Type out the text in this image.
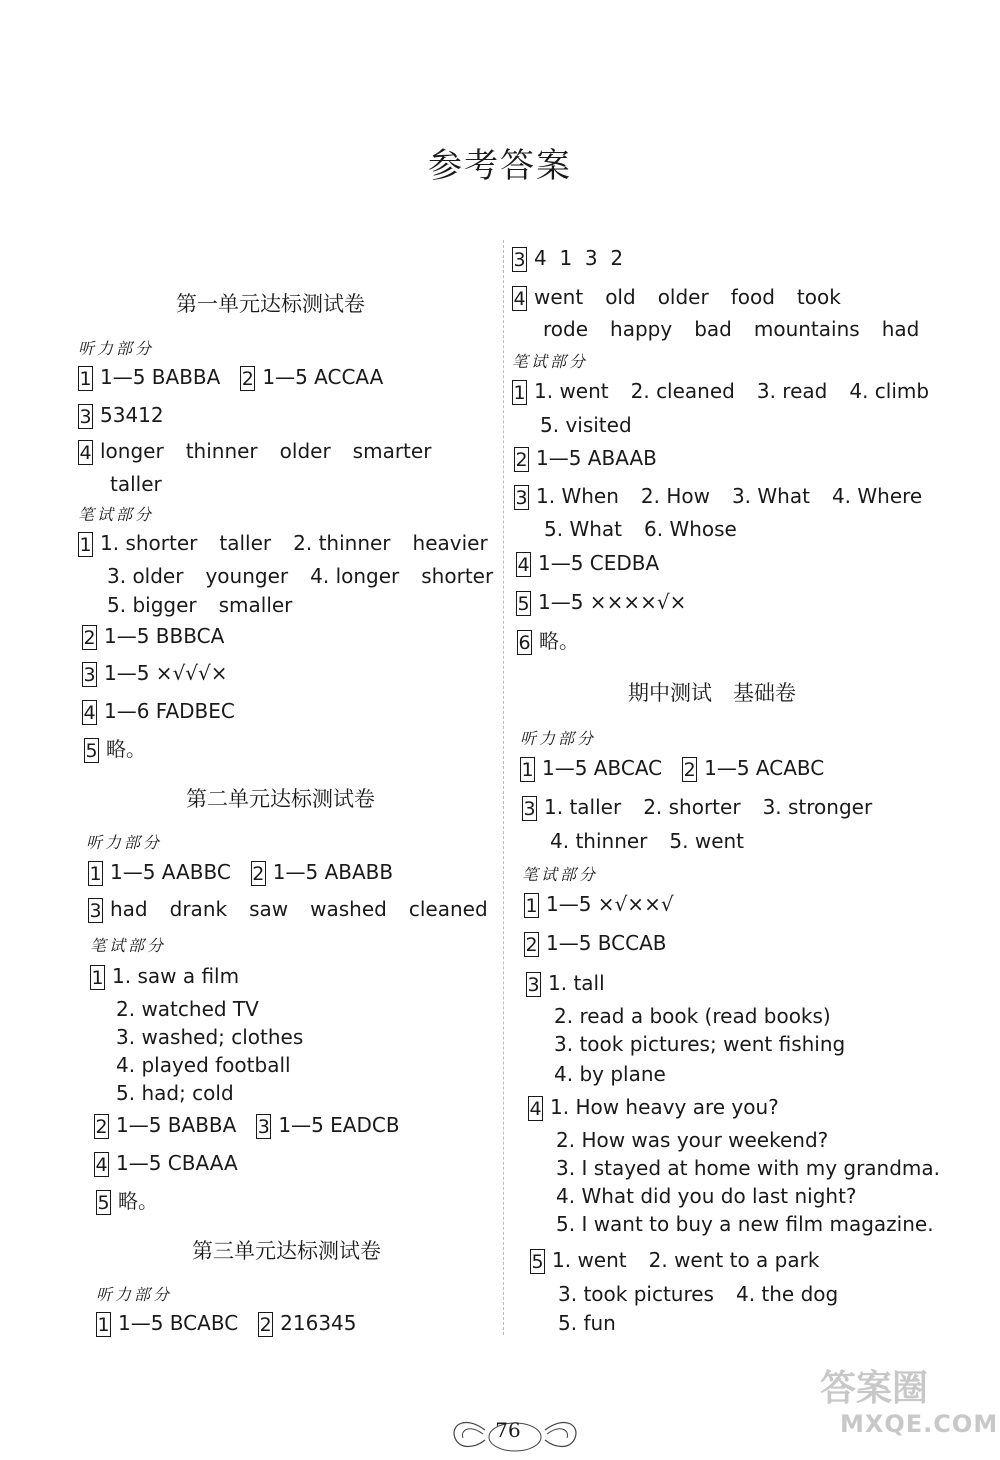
参考答案
第一单元达标测试卷
听力部分
1 1—5 BABBA 2 1—5 ACCAA
3 53412
4 longer thinner older smarter
taller
笔试部分
1 1. shorter taller 2. thinner heavier
3. older younger 4. longer shorter
5. bigger smaller
2 1—5 BBBCA
3 1—5 ×√√√×
4 1—6 FADBEC
5 略。
第二单元达标测试卷
听力部分
1 1—5 AABBC 2 1—5 ABABB
3 had drank saw washed cleaned
笔试部分
1 1. saw a film
2. watched TV
3. washed; clothes
4. played football
5. had; cold
2 1—5 BABBA 3 1—5 EADCB
4 1—5 CBAAA
5 略。
第三单元达标测试卷
听力部分
1 1—5 BCABC 2 216345
3 4  1  3  2
4 went old older food took
rode happy bad mountains had
笔试部分
1 1. went 2. cleaned 3. read 4. climb
5. visited
2 1—5 ABAAB
3 1. When 2. How 3. What 4. Where
5. What 6. Whose
4 1—5 CEDBA
5 1—5 ××××√×
6 略。
期中测试　基础卷
听力部分
1 1—5 ABCAC 2 1—5 ACABC
3 1. taller 2. shorter 3. stronger
4. thinner 5. went
笔试部分
1 1—5 ×√××√
2 1—5 BCCAB
3 1. tall
2. read a book (read books)
3. took pictures; went fishing
4. by plane
4 1. How heavy are you?
2. How was your weekend?
3. I stayed at home with my grandma.
4. What did you do last night?
5. I want to buy a new film magazine.
5 1. went 2. went to a park
3. took pictures 4. the dog
5. fun
76
答案圈
MXQE.COM
